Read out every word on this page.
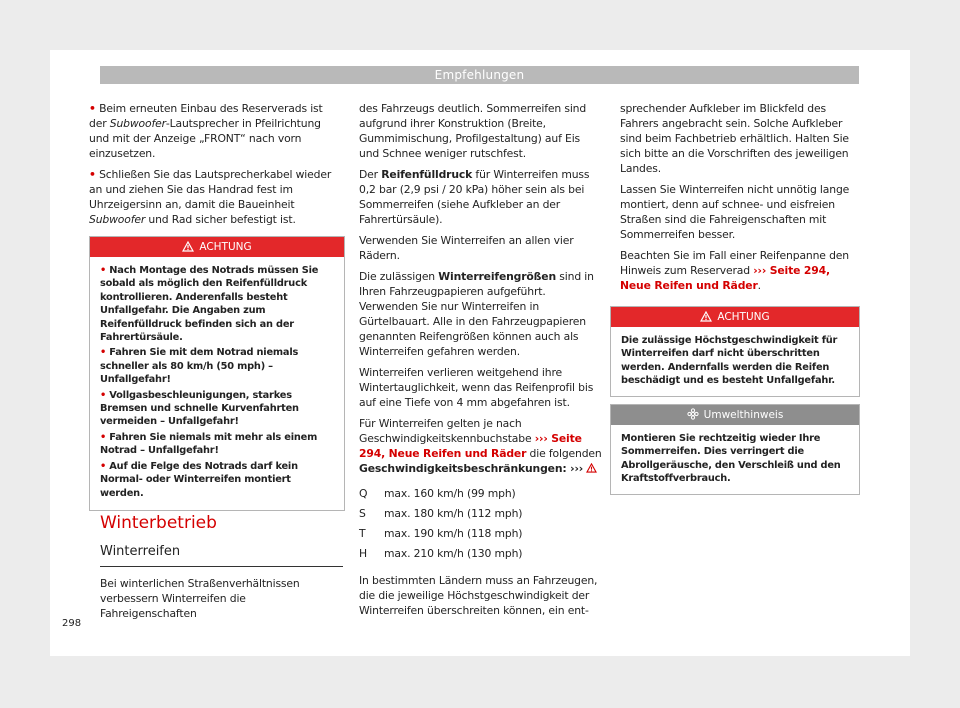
Empfehlungen

• Beim erneuten Einbau des Reserverads ist der Subwoofer-Lautsprecher in Pfeilrichtung und mit der Anzeige „FRONT“ nach vorn einzusetzen.

• Schließen Sie das Lautsprecherkabel wieder an und ziehen Sie das Handrad fest im Uhrzeigersinn an, damit die Baueinheit Subwoofer und Rad sicher befestigt ist.

ACHTUNG
• Nach Montage des Notrads müssen Sie sobald als möglich den Reifenfülldruck kontrollieren. Anderenfalls besteht Unfallgefahr. Die Angaben zum Reifenfülldruck befinden sich an der Fahrertürsäule.
• Fahren Sie mit dem Notrad niemals schneller als 80 km/h (50 mph) – Unfallgefahr!
• Vollgasbeschleunigungen, starkes Bremsen und schnelle Kurvenfahrten vermeiden – Unfallgefahr!
• Fahren Sie niemals mit mehr als einem Notrad – Unfallgefahr!
• Auf die Felge des Notrads darf kein Normal- oder Winterreifen montiert werden.
Winterbetrieb
Winterreifen
Bei winterlichen Straßenverhältnissen verbessern Winterreifen die Fahreigenschaften

des Fahrzeugs deutlich. Sommerreifen sind aufgrund ihrer Konstruktion (Breite, Gummimischung, Profilgestaltung) auf Eis und Schnee weniger rutschfest.

Der Reifenfülldruck für Winterreifen muss 0,2 bar (2,9 psi / 20 kPa) höher sein als bei Sommerreifen (siehe Aufkleber an der Fahrertürsäule).

Verwenden Sie Winterreifen an allen vier Rädern.

Die zulässigen Winterreifengrößen sind in Ihren Fahrzeugpapieren aufgeführt. Verwenden Sie nur Winterreifen in Gürtelbauart. Alle in den Fahrzeugpapieren genannten Reifengrößen können auch als Winterreifen gefahren werden.

Winterreifen verlieren weitgehend ihre Wintertauglichkeit, wenn das Reifenprofil bis auf eine Tiefe von 4 mm abgefahren ist.

Für Winterreifen gelten je nach Geschwindigkeitskennbuchstabe ››› Seite 294, Neue Reifen und Räder die folgenden Geschwindigkeitsbeschränkungen: ›››

Q	max. 160 km/h (99 mph)
S	max. 180 km/h (112 mph)
T	max. 190 km/h (118 mph)
H	max. 210 km/h (130 mph)

In bestimmten Ländern muss an Fahrzeugen, die die jeweilige Höchstgeschwindigkeit der Winterreifen überschreiten können, ein ent-

sprechender Aufkleber im Blickfeld des Fahrers angebracht sein. Solche Aufkleber sind beim Fachbetrieb erhältlich. Halten Sie sich bitte an die Vorschriften des jeweiligen Landes.

Lassen Sie Winterreifen nicht unnötig lange montiert, denn auf schnee- und eisfreien Straßen sind die Fahreigenschaften mit Sommerreifen besser.

Beachten Sie im Fall einer Reifenpanne den Hinweis zum Reserverad ››› Seite 294, Neue Reifen und Räder.

ACHTUNG
Die zulässige Höchstgeschwindigkeit für Winterreifen darf nicht überschritten werden. Andernfalls werden die Reifen beschädigt und es besteht Unfallgefahr.
Umwelthinweis
Montieren Sie rechtzeitig wieder Ihre Sommerreifen. Dies verringert die Abrollgeräusche, den Verschleiß und den Kraftstoffverbrauch.
298
